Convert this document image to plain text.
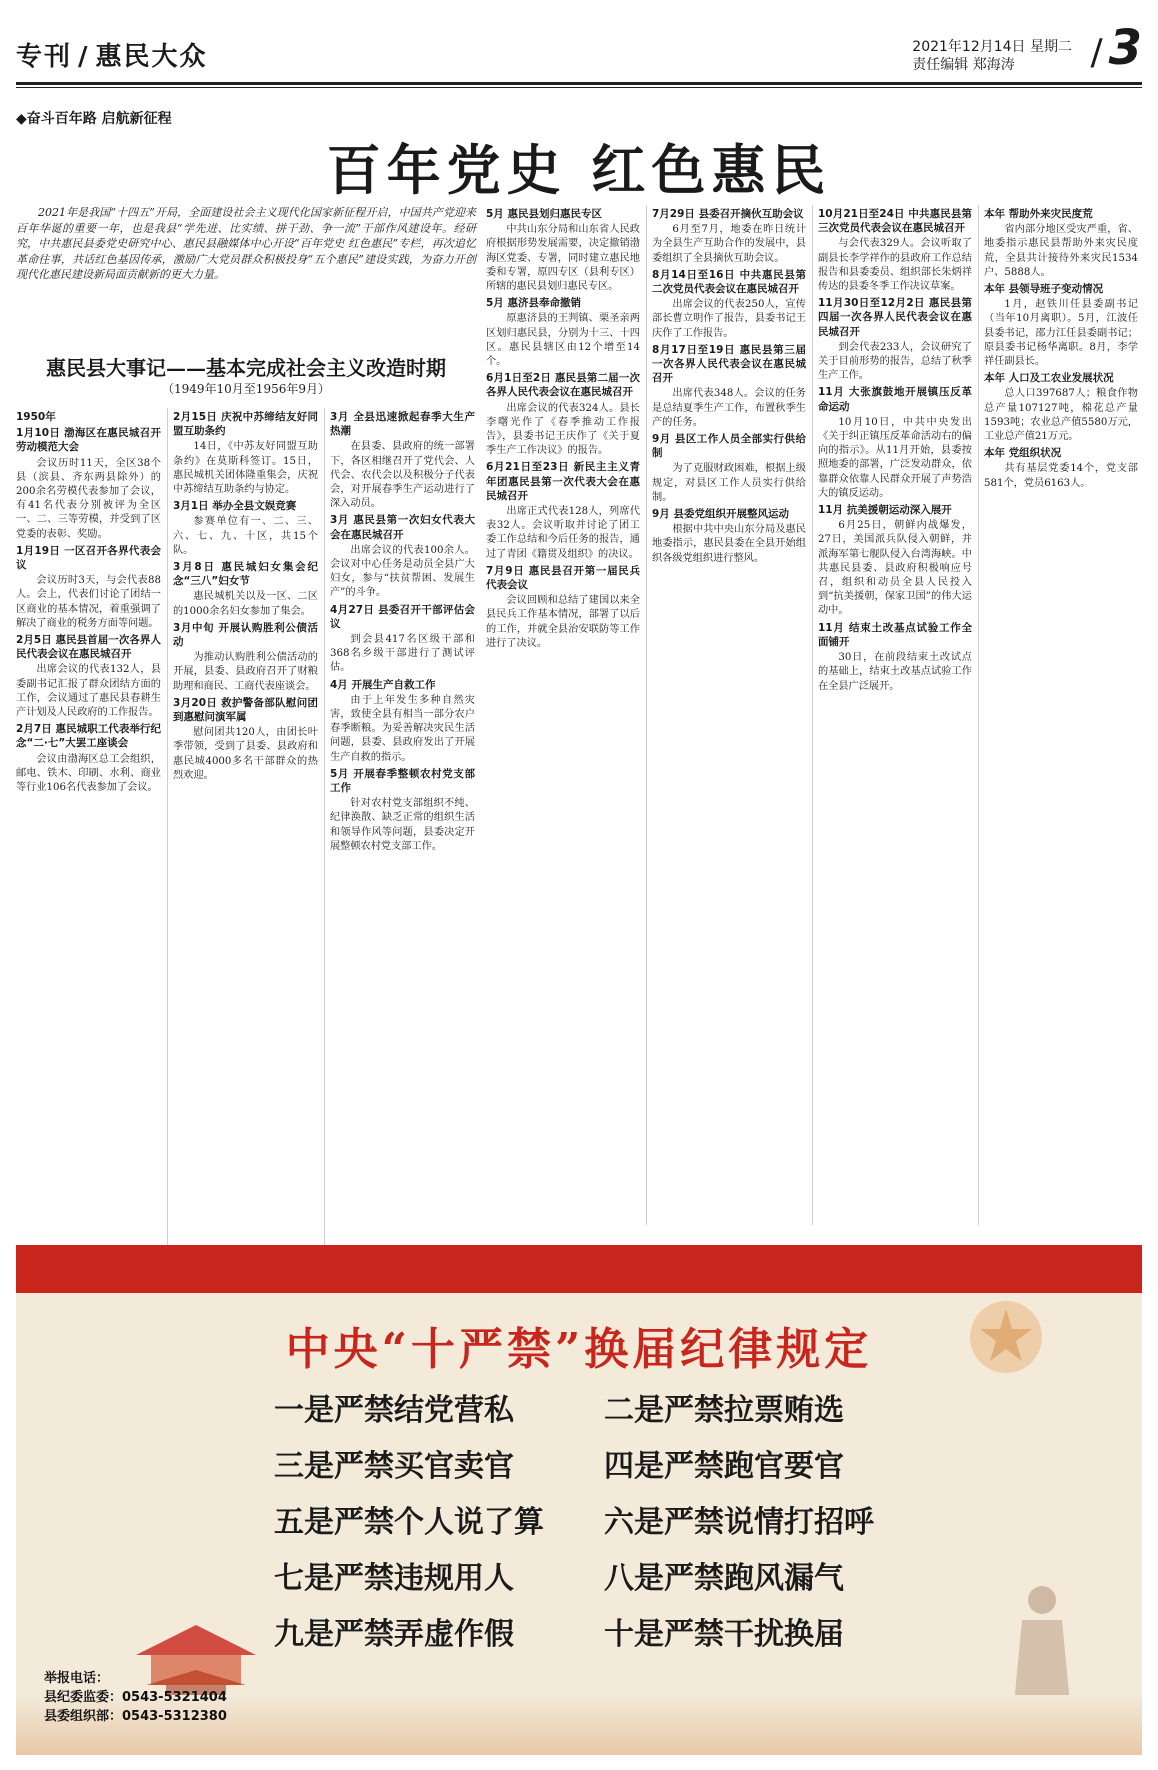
专刊 / 惠民大众	2021年12月14日 星期二
责任编辑 郑海涛	/ 3
◆奋斗百年路 启航新征程
百年党史 红色惠民

2021年是我国“十四五”开局，全面建设社会主义现代化国家新征程开启，中国共产党迎来百年华诞的重要一年，也是我县“学先进、比实绩、拼干劲、争一流”干部作风建设年。经研究，中共惠民县委党史研究中心、惠民县融媒体中心开设“百年党史 红色惠民”专栏，再次追忆革命往事，共话红色基因传承，激励广大党员群众积极投身“五个惠民”建设实践，为奋力开创现代化惠民建设新局面贡献新的更大力量。

惠民县大事记——基本完成社会主义改造时期
（1949年10月至1956年9月）
1950年
1月10日 渤海区在惠民城召开劳动模范大会

会议历时11天，全区38个县（滨县、齐东两县除外）的200余名劳模代表参加了会议，有41名代表分别被评为全区一、二、三等劳模，并受到了区党委的表彰、奖励。

1月19日 一区召开各界代表会议

会议历时3天，与会代表88人。会上，代表们讨论了团结一区商业的基本情况，着重强调了解决了商业的税务方面等问题。

2月5日 惠民县首届一次各界人民代表会议在惠民城召开

出席会议的代表132人，县委副书记汇报了群众团结方面的工作，会议通过了惠民县春耕生产计划及人民政府的工作报告。

2月7日 惠民城职工代表举行纪念“二·七”大罢工座谈会

会议由渤海区总工会组织，邮电、铁木、印刷、水利、商业等行业106名代表参加了会议。

2月15日 庆祝中苏缔结友好同盟互助条约

14日，《中苏友好同盟互助条约》在莫斯科签订。15日，惠民城机关团体隆重集会，庆祝中苏缔结互助条约与协定。

3月1日 举办全县文娱竞赛

参赛单位有一、二、三、六、七、九、十区，共15个队。

3月8日 惠民城妇女集会纪念“三八”妇女节

惠民城机关以及一区、二区的1000余名妇女参加了集会。

3月中旬 开展认购胜利公债活动

为推动认购胜利公债活动的开展，县委、县政府召开了财粮助理和商民、工商代表座谈会。

3月20日 救护警备部队慰问团到惠慰问演军属

慰问团共120人，由团长叶季带领，受到了县委、县政府和惠民城4000多名干部群众的热烈欢迎。

3月 全县迅速掀起春季大生产热潮

在县委、县政府的统一部署下，各区相继召开了党代会、人代会、农代会以及积极分子代表会，对开展春季生产运动进行了深入动员。

3月 惠民县第一次妇女代表大会在惠民城召开

出席会议的代表100余人。会议对中心任务是动员全县广大妇女，参与“扶贫帮困、发展生产”的斗争。

4月27日 县委召开干部评估会议

到会县417名区级干部和368名乡级干部进行了测试评估。

4月 开展生产自救工作

由于上年发生多种自然灾害，致使全县有相当一部分农户春季断粮。为妥善解决灾民生活问题，县委、县政府发出了开展生产自救的指示。

5月 开展春季整顿农村党支部工作

针对农村党支部组织不纯、纪律涣散、缺乏正常的组织生活和领导作风等问题，县委决定开展整顿农村党支部工作。

5月 惠民县划归惠民专区

中共山东分局和山东省人民政府根据形势发展需要，决定撤销渤海区党委、专署，同时建立惠民地委和专署，原四专区（县利专区）所辖的惠民县划归惠民专区。

5月 惠济县奉命撤销

原惠济县的王判镇、栗圣亲两区划归惠民县，分别为十三、十四区。惠民县辖区由12个增至14个。

6月1日至2日 惠民县第二届一次各界人民代表会议在惠民城召开

出席会议的代表324人。县长李曙光作了《春季推动工作报告》，县委书记王庆作了《关于夏季生产工作决议》的报告。

6月21日至23日 新民主主义青年团惠民县第一次代表大会在惠民城召开

出席正式代表128人，列席代表32人。会议听取并讨论了团工委工作总结和今后任务的报告，通过了青团《籍贯及组织》的决议。

7月9日 惠民县召开第一届民兵代表会议

会议回顾和总结了建国以来全县民兵工作基本情况，部署了以后的工作，并就全县治安联防等工作进行了决议。

7月29日 县委召开摘伙互助会议

6月至7月，地委在昨日统计为全县生产互助合作的发展中，县委组织了全县摘伙互助会议。

8月14日至16日 中共惠民县第二次党员代表会议在惠民城召开

出席会议的代表250人，宣传部长曹立明作了报告，县委书记王庆作了工作报告。

8月17日至19日 惠民县第三届一次各界人民代表会议在惠民城召开

出席代表348人。会议的任务是总结夏季生产工作，布置秋季生产的任务。

9月 县区工作人员全部实行供给制

为了克服财政困难，根据上级规定，对县区工作人员实行供给制。

9月 县委党组织开展整风运动

根据中共中央山东分局及惠民地委指示，惠民县委在全县开始组织各级党组织进行整风。

10月21日至24日 中共惠民县第三次党员代表会议在惠民城召开

与会代表329人。会议听取了副县长李学祥作的县政府工作总结报告和县委委员、组织部长朱炳祥传达的县委冬季工作决议草案。

11月30日至12月2日 惠民县第四届一次各界人民代表会议在惠民城召开

到会代表233人，会议研究了关于目前形势的报告，总结了秋季生产工作。

11月 大张旗鼓地开展镇压反革命运动

10月10日，中共中央发出《关于纠正镇压反革命活动右的偏向的指示》。从11月开始，县委按照地委的部署，广泛发动群众，依靠群众依靠人民群众开展了声势浩大的镇反运动。

11月 抗美援朝运动深入展开

6月25日，朝鲜内战爆发，27日，美国派兵队侵入朝鲜，并派海军第七舰队侵入台湾海峡。中共惠民县委、县政府积极响应号召，组织和动员全县人民投入到“抗美援朝，保家卫国”的伟大运动中。

11月 结束土改基点试验工作全面铺开

30日，在前段结束土改试点的基础上，结束土改基点试验工作在全县广泛展开。

本年 帮助外来灾民度荒

省内部分地区受灾严重，省、地委指示惠民县帮助外来灾民度荒，全县共计接待外来灾民1534户、5888人。

本年 县领导班子变动情况

1月，赵铁川任县委副书记（当年10月离职）。5月，江波任县委书记，邵力江任县委副书记；原县委书记杨华离职。8月，李学祥任副县长。

本年 人口及工农业发展状况

总人口397687人；粮食作物总产量107127吨，棉花总产量1593吨；农业总产值5580万元，工业总产值21万元。

本年 党组织状况

共有基层党委14个，党支部581个，党员6163人。

中央“十严禁”换届纪律规定
一是严禁结党营私	二是严禁拉票贿选
三是严禁买官卖官	四是严禁跑官要官
五是严禁个人说了算 六是严禁说情打招呼
七是严禁违规用人	八是严禁跑风漏气
九是严禁弄虚作假	十是严禁干扰换届
举报电话：
县纪委监委：0543-5321404
县委组织部：0543-5312380
